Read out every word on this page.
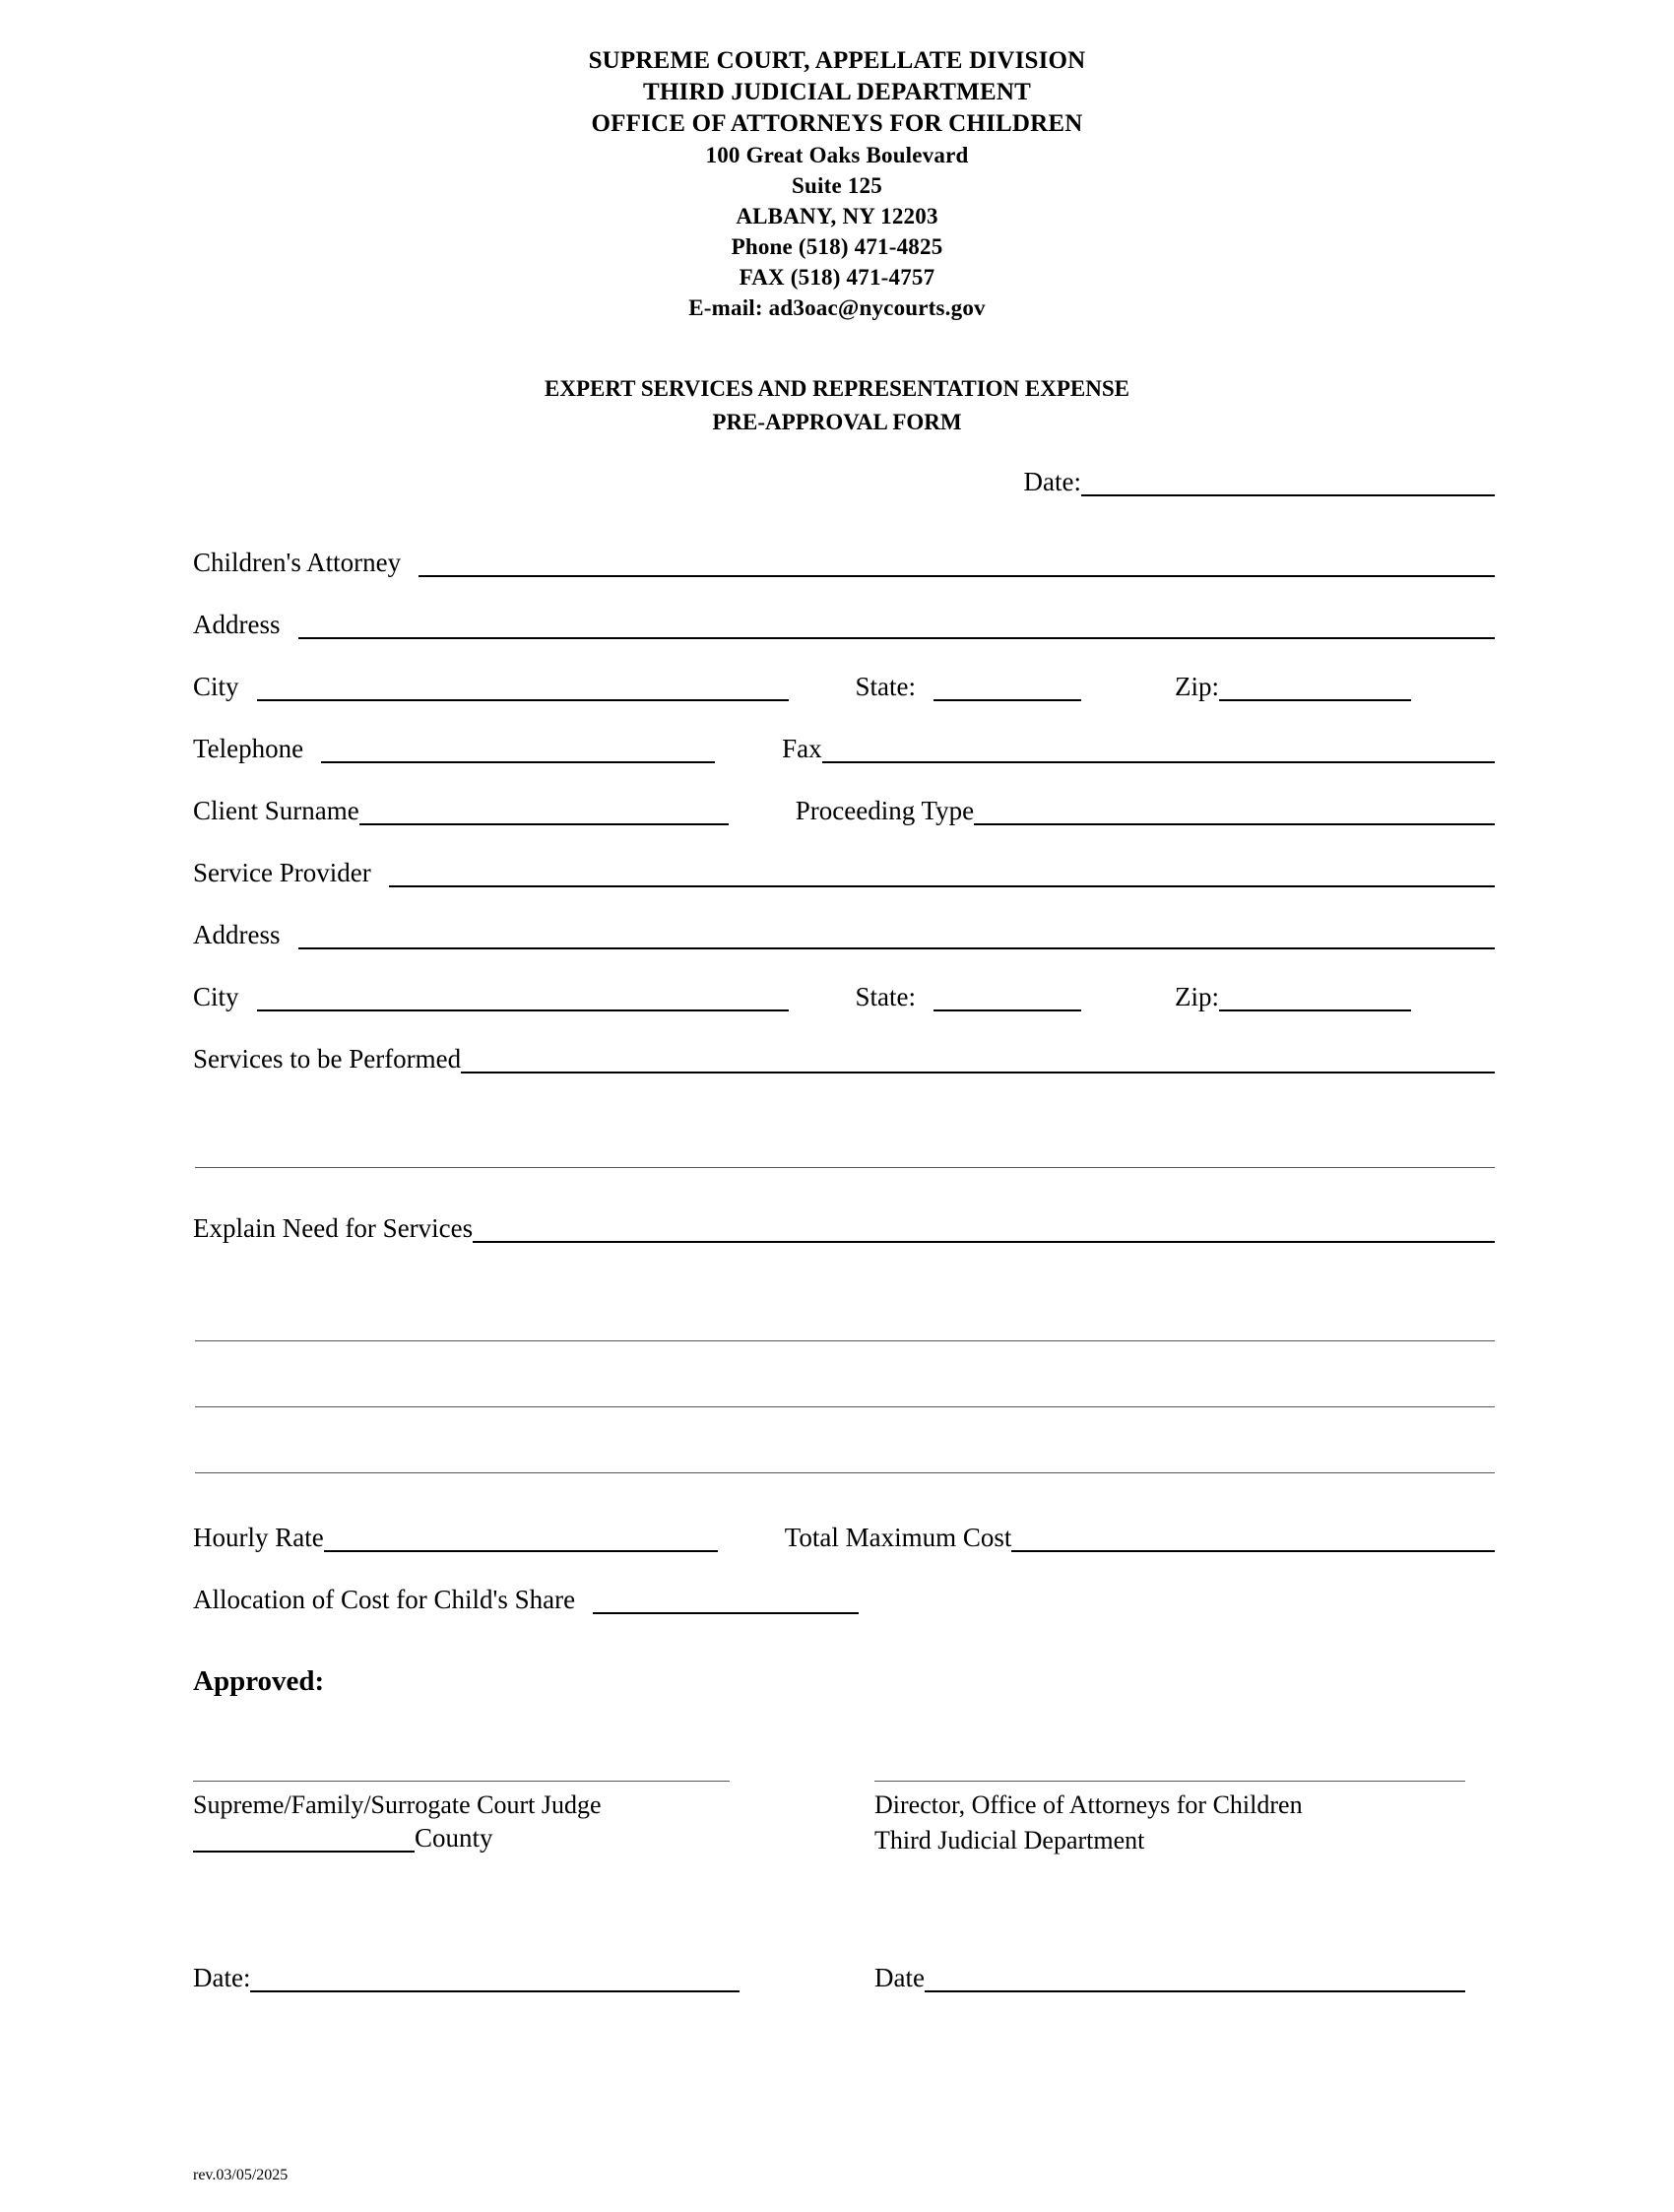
SUPREME COURT, APPELLATE DIVISION
THIRD JUDICIAL DEPARTMENT
OFFICE OF ATTORNEYS FOR CHILDREN
100 Great Oaks Boulevard
Suite 125
ALBANY, NY 12203
Phone (518) 471-4825
FAX (518) 471-4757
E-mail: ad3oac@nycourts.gov
EXPERT SERVICES AND REPRESENTATION EXPENSE
PRE-APPROVAL FORM
Date:
Children's Attorney
Address
City	State:	Zip:
Telephone	Fax
Client Surname	Proceeding Type
Service Provider
Address
City	State:	Zip:
Services to be Performed
Explain Need for Services
Hourly Rate	Total Maximum Cost
Allocation of Cost for Child's Share
Approved:
Supreme/Family/Surrogate Court Judge
County
Director, Office of Attorneys for Children
Third Judicial Department
Date:	Date
rev.03/05/2025
